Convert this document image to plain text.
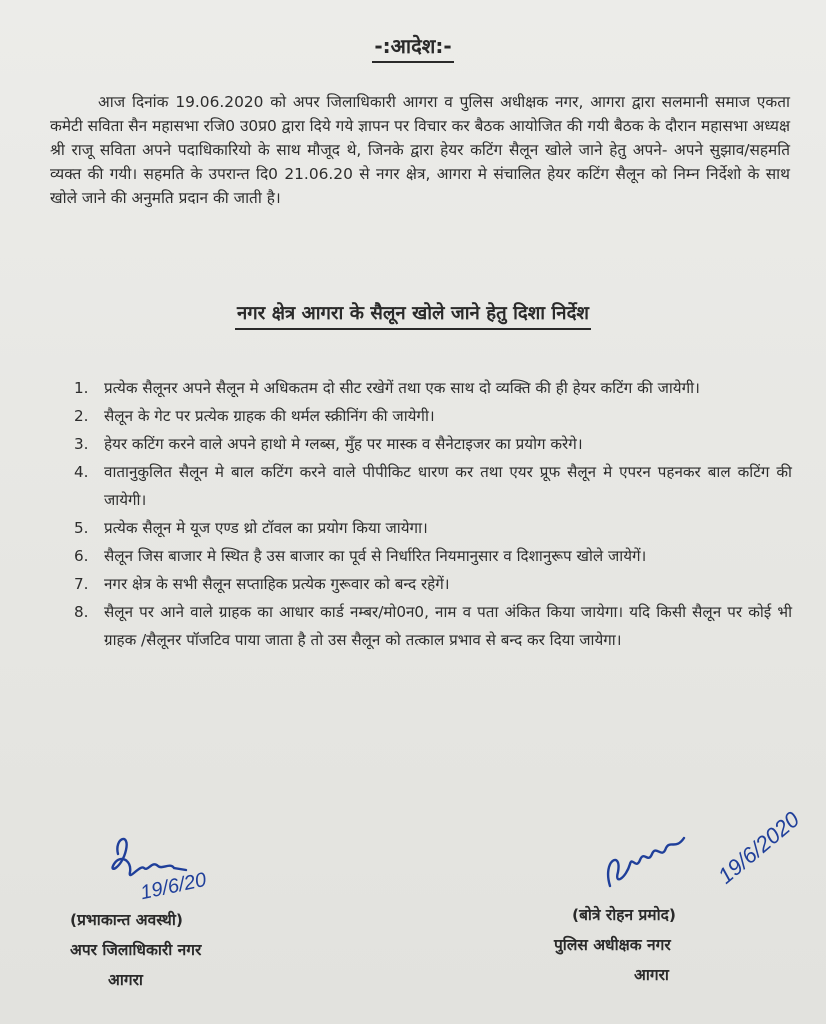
-:आदेश:-

आज दिनांक 19.06.2020 को अपर जिलाधिकारी आगरा व पुलिस अधीक्षक नगर, आगरा द्वारा सलमानी समाज एकता कमेटी सविता सैन महासभा रजि0 उ0प्र0 द्वारा दिये गये ज्ञापन पर विचार कर बैठक आयोजित की गयी बैठक के दौरान महासभा अध्यक्ष श्री राजू सविता अपने पदाधिकारियो के साथ मौजूद थे, जिनके द्वारा हेयर कटिंग सैलून खोले जाने हेतु अपने- अपने सुझाव/सहमति व्यक्त की गयी। सहमति के उपरान्त दि0 21.06.20 से नगर क्षेत्र, आगरा मे संचालित हेयर कटिंग सैलून को निम्न निर्देशो के साथ खोले जाने की अनुमति प्रदान की जाती है।

नगर क्षेत्र आगरा के सैलून खोले जाने हेतु दिशा निर्देश
1. प्रत्येक सैलूनर अपने सैलून मे अधिकतम दो सीट रखेगें तथा एक साथ दो व्यक्ति की ही हेयर कटिंग की जायेगी।
2. सैलून के गेट पर प्रत्येक ग्राहक की थर्मल स्क्रीनिंग की जायेगी।
3. हेयर कटिंग करने वाले अपने हाथो मे ग्लब्स, मुँह पर मास्क व सैनेटाइजर का प्रयोग करेगे।
4. वातानुकुलित सैलून मे बाल कटिंग करने वाले पीपीकिट धारण कर तथा एयर प्रूफ सैलून मे एपरन पहनकर बाल कटिंग की जायेगी।
5. प्रत्येक सैलून मे यूज एण्ड थ्रो टॉवल का प्रयोग किया जायेगा।
6. सैलून जिस बाजार मे स्थित है उस बाजार का पूर्व से निर्धारित नियमानुसार व दिशानुरूप खोले जायेगें।
7. नगर क्षेत्र के सभी सैलून सप्ताहिक प्रत्येक गुरूवार को बन्द रहेगें।
8. सैलून पर आने वाले ग्राहक का आधार कार्ड नम्बर/मो0न0, नाम व पता अंकित किया जायेगा। यदि किसी सैलून पर कोई भी ग्राहक /सैलूनर पॉजटिव पाया जाता है तो उस सैलून को तत्काल प्रभाव से बन्द कर दिया जायेगा।
19/6/20	19/6/2020
(प्रभाकान्त अवस्थी)
अपर जिलाधिकारी नगर
आगरा
(बोत्रे रोहन प्रमोद)
पुलिस अधीक्षक नगर
आगरा
